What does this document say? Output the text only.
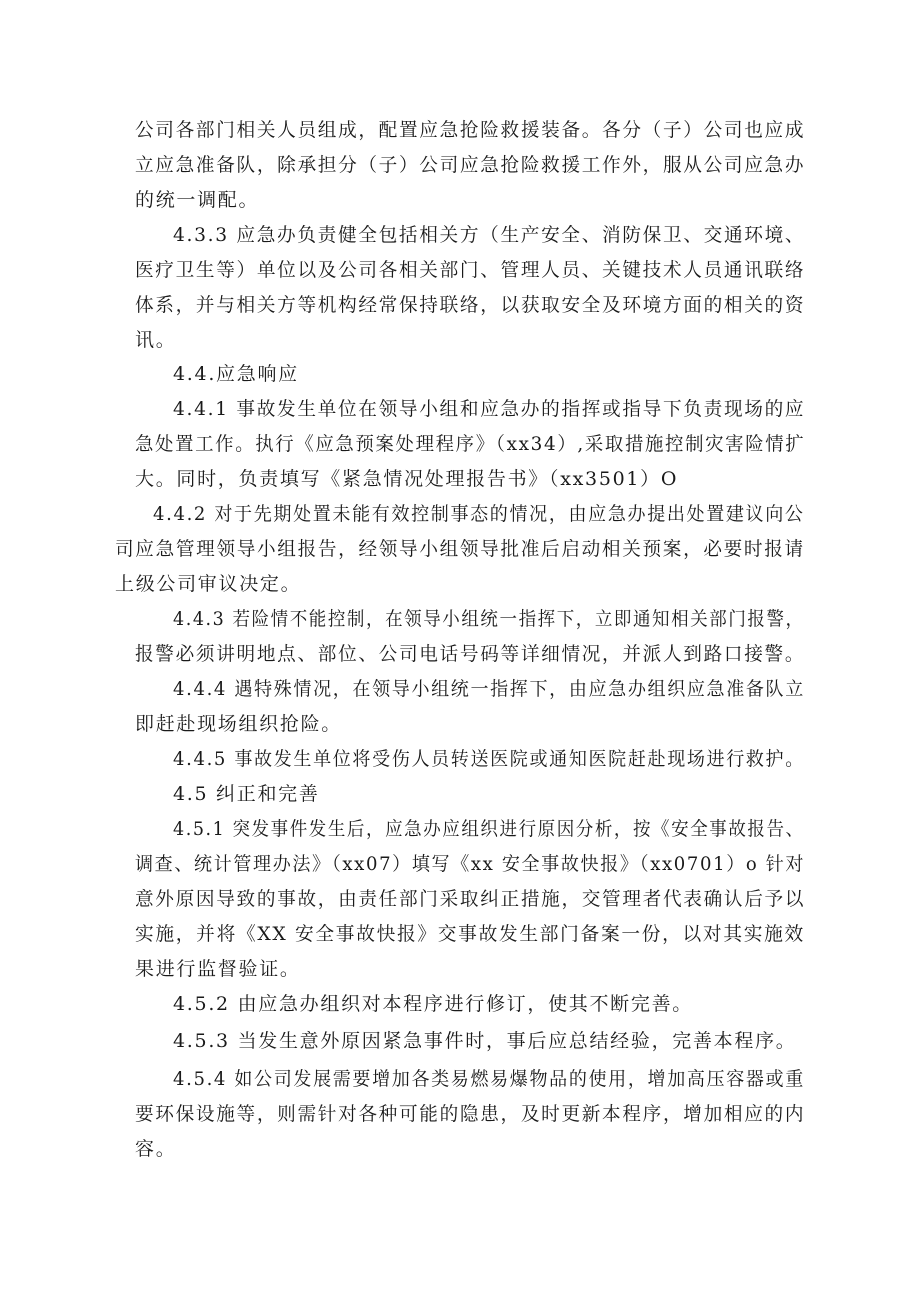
公司各部门相关人员组成，配置应急抢险救援装备。各分（子）公司也应成

立应急准备队，除承担分（子）公司应急抢险救援工作外，服从公司应急办

的统一调配。

4.3.3 应急办负责健全包括相关方（生产安全、消防保卫、交通环境、

医疗卫生等）单位以及公司各相关部门、管理人员、关键技术人员通讯联络

体系，并与相关方等机构经常保持联络，以获取安全及环境方面的相关的资

讯。

4.4.应急响应

4.4.1 事故发生单位在领导小组和应急办的指挥或指导下负责现场的应

急处置工作。执行《应急预案处理程序》（xx34）,采取措施控制灾害险情扩

大。同时，负责填写《紧急情况处理报告书》（xx3501）O

4.4.2 对于先期处置未能有效控制事态的情况，由应急办提出处置建议向公

司应急管理领导小组报告，经领导小组领导批准后启动相关预案，必要时报请

上级公司审议决定。

4.4.3 若险情不能控制，在领导小组统一指挥下，立即通知相关部门报警，

报警必须讲明地点、部位、公司电话号码等详细情况，并派人到路口接警。

4.4.4 遇特殊情况，在领导小组统一指挥下，由应急办组织应急准备队立

即赶赴现场组织抢险。

4.4.5 事故发生单位将受伤人员转送医院或通知医院赶赴现场进行救护。

4.5 纠正和完善

4.5.1 突发事件发生后，应急办应组织进行原因分析，按《安全事故报告、

调查、统计管理办法》（xx07）填写《xx 安全事故快报》（xx0701）o 针对

意外原因导致的事故，由责任部门采取纠正措施，交管理者代表确认后予以

实施，并将《XX 安全事故快报》交事故发生部门备案一份，以对其实施效

果进行监督验证。

4.5.2 由应急办组织对本程序进行修订，使其不断完善。

4.5.3 当发生意外原因紧急事件时，事后应总结经验，完善本程序。

4.5.4 如公司发展需要增加各类易燃易爆物品的使用，增加高压容器或重

要环保设施等，则需针对各种可能的隐患，及时更新本程序，增加相应的内

容。
